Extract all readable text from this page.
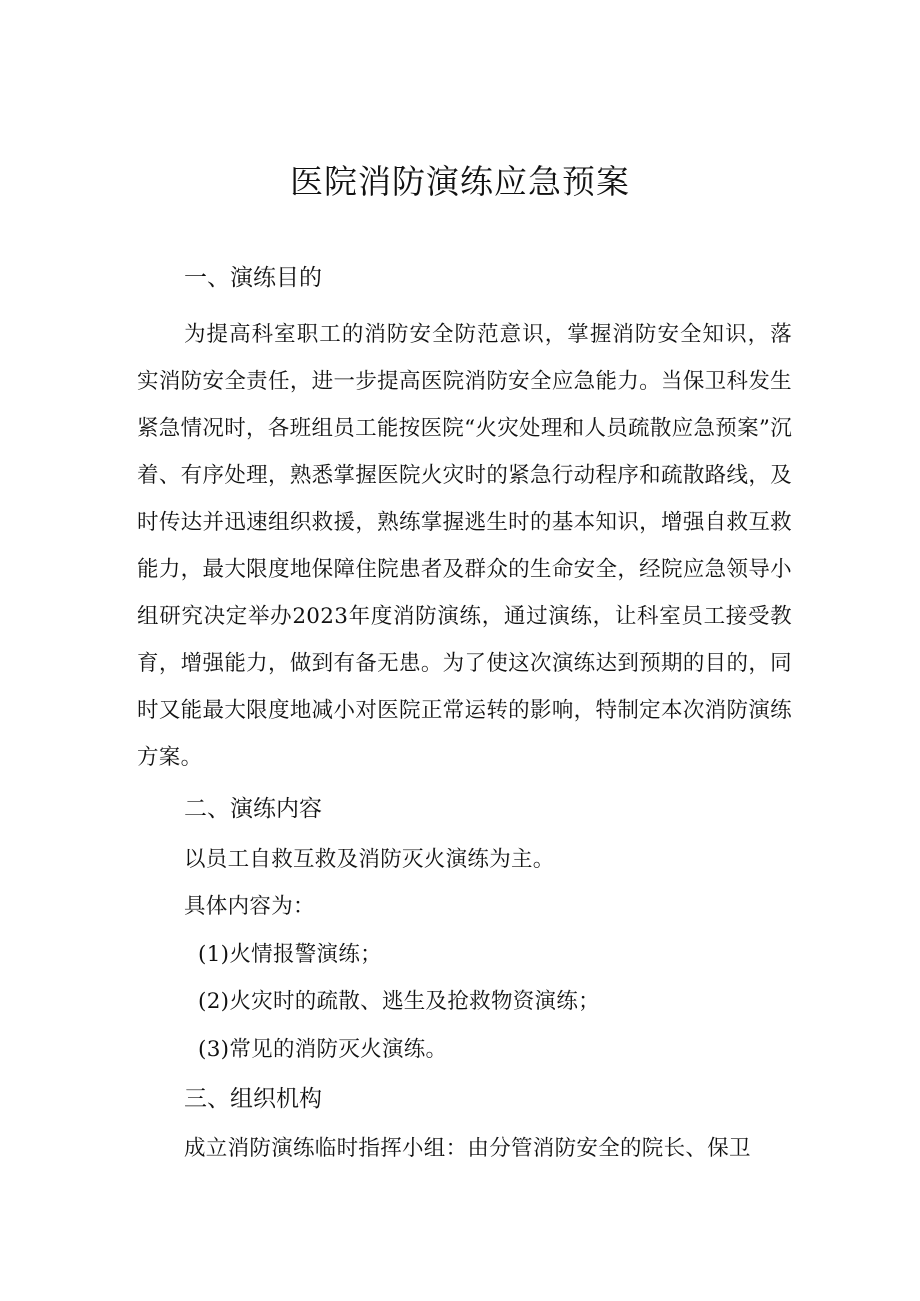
医院消防演练应急预案
一、演练目的
为提高科室职工的消防安全防范意识，掌握消防安全知识，落实消防安全责任，进一步提高医院消防安全应急能力。当保卫科发生紧急情况时，各班组员工能按医院“火灾处理和人员疏散应急预案”沉着、有序处理，熟悉掌握医院火灾时的紧急行动程序和疏散路线，及时传达并迅速组织救援，熟练掌握逃生时的基本知识，增强自救互救能力，最大限度地保障住院患者及群众的生命安全，经院应急领导小组研究决定举办2023年度消防演练，通过演练，让科室员工接受教育，增强能力，做到有备无患。为了使这次演练达到预期的目的，同时又能最大限度地减小对医院正常运转的影响，特制定本次消防演练方案。
二、演练内容
以员工自救互救及消防灭火演练为主。
具体内容为：
(1)火情报警演练；
(2)火灾时的疏散、逃生及抢救物资演练；
(3)常见的消防灭火演练。
三、组织机构
成立消防演练临时指挥小组：由分管消防安全的院长、保卫
